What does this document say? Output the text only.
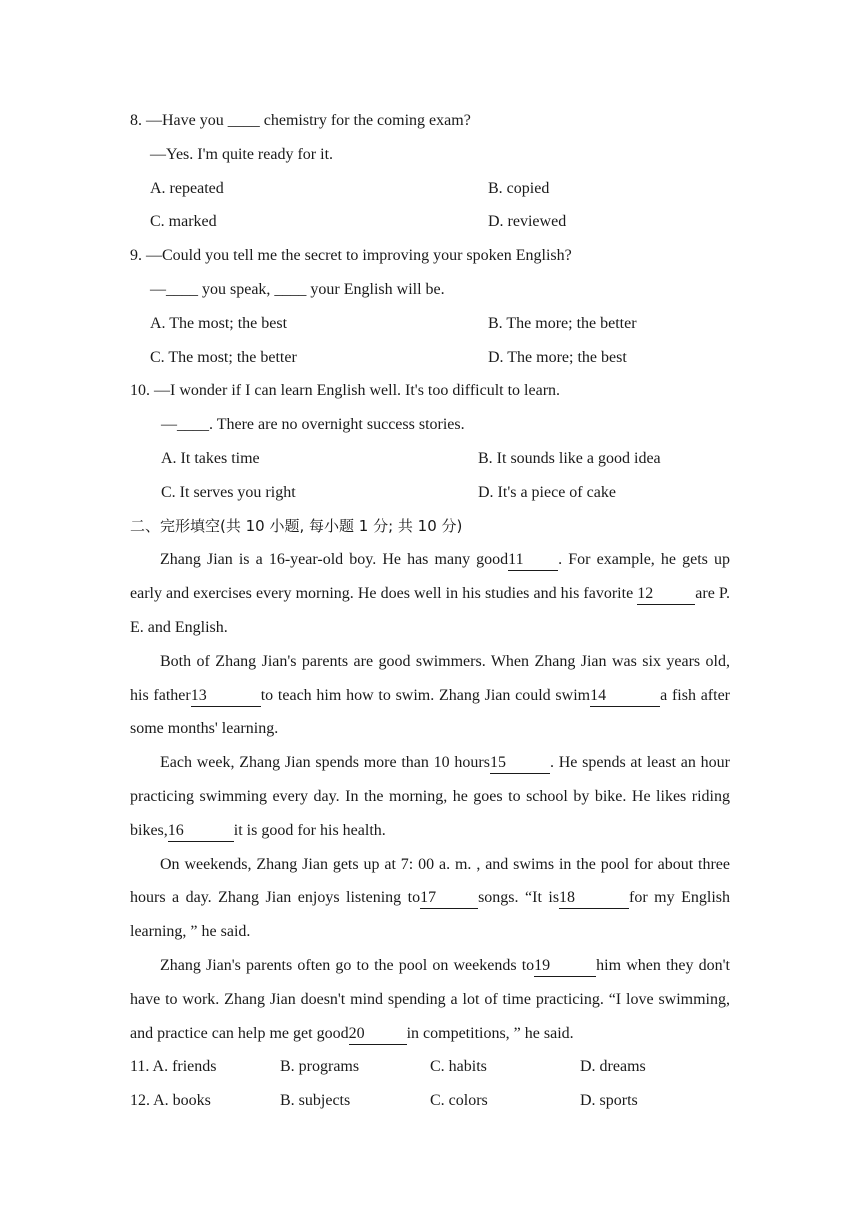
8. —Have you ____ chemistry for the coming exam?
—Yes. I'm quite ready for it.
A. repeated	B. copied
C. marked	D. reviewed
9. —Could you tell me the secret to improving your spoken English?
—____ you speak, ____ your English will be.
A. The most; the best	B. The more; the better
C. The most; the better	D. The more; the best
10. —I wonder if I can learn English well. It's too difficult to learn.
—____. There are no overnight success stories.
A. It takes time	B. It sounds like a good idea
C. It serves you right	D. It's a piece of cake
二、完形填空(共 10 小题, 每小题 1 分; 共 10 分)
Zhang Jian is a 16-year-old boy. He has many good11 . For example, he gets up early and exercises every morning. He does well in his studies and his favorite 12	are P. E. and English.
Both of Zhang Jian's parents are good swimmers. When Zhang Jian was six years old, his father13	to teach him how to swim. Zhang Jian could swim14	a fish after some months' learning.
Each week, Zhang Jian spends more than 10 hours15	. He spends at least an hour practicing swimming every day. In the morning, he goes to school by bike. He likes riding bikes,16	it is good for his health.
On weekends, Zhang Jian gets up at 7: 00 a. m. , and swims in the pool for about three hours a day. Zhang Jian enjoys listening to17	songs. “It is18	for my English learning, ” he said.
Zhang Jian's parents often go to the pool on weekends to19	him when they don't have to work. Zhang Jian doesn't mind spending a lot of time practicing. “I love swimming, and practice can help me get good20	in competitions, ” he said.
11. A. friends	B. programs	C. habits	D. dreams
12. A. books	B. subjects	C. colors	D. sports
